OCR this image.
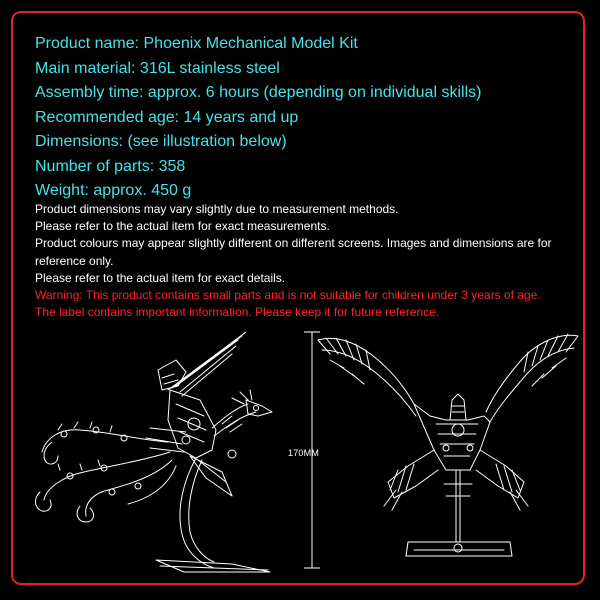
Product name: Phoenix Mechanical Model Kit
Main material: 316L stainless steel
Assembly time: approx. 6 hours (depending on individual skills)
Recommended age: 14 years and up
Dimensions: (see illustration below)
Number of parts: 358
Weight: approx. 450 g
Product dimensions may vary slightly due to measurement methods.
Please refer to the actual item for exact measurements.
Product colours may appear slightly different on different screens. Images and dimensions are for reference only.
Please refer to the actual item for exact details.
Warning: This product contains small parts and is not suitable for children under 3 years of age.
The label contains important information. Please keep it for future reference.
170MM
